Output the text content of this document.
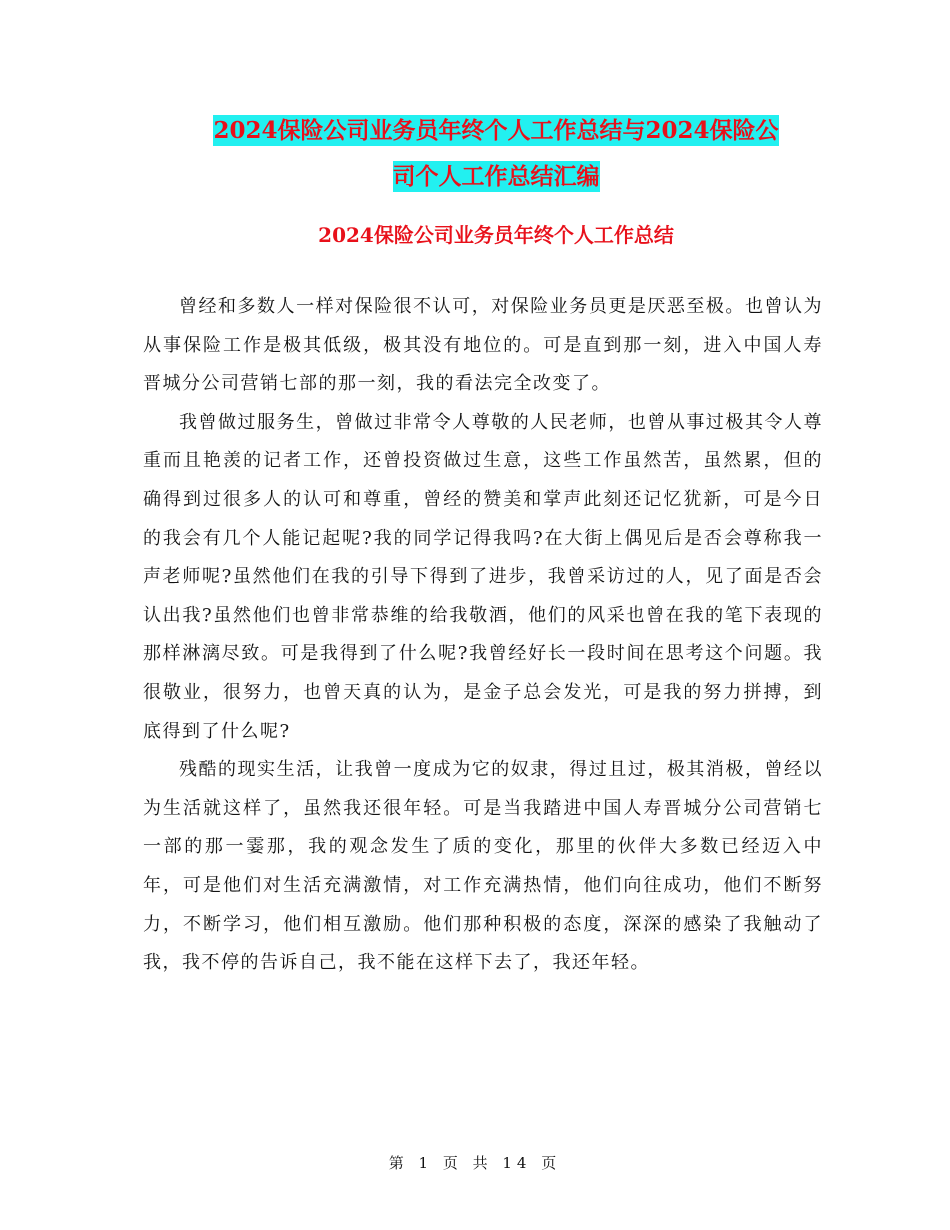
2024保险公司业务员年终个人工作总结与2024保险公
司个人工作总结汇编
2024保险公司业务员年终个人工作总结

曾经和多数人一样对保险很不认可，对保险业务员更是厌恶至极。也曾认为从事保险工作是极其低级，极其没有地位的。可是直到那一刻，进入中国人寿晋城分公司营销七部的那一刻，我的看法完全改变了。

我曾做过服务生，曾做过非常令人尊敬的人民老师，也曾从事过极其令人尊重而且艳羡的记者工作，还曾投资做过生意，这些工作虽然苦，虽然累，但的确得到过很多人的认可和尊重，曾经的赞美和掌声此刻还记忆犹新，可是今日的我会有几个人能记起呢?我的同学记得我吗?在大街上偶见后是否会尊称我一声老师呢?虽然他们在我的引导下得到了进步，我曾采访过的人，见了面是否会认出我?虽然他们也曾非常恭维的给我敬酒，他们的风采也曾在我的笔下表现的那样淋漓尽致。可是我得到了什么呢?我曾经好长一段时间在思考这个问题。我很敬业，很努力，也曾天真的认为，是金子总会发光，可是我的努力拼搏，到底得到了什么呢?

残酷的现实生活，让我曾一度成为它的奴隶，得过且过，极其消极，曾经以为生活就这样了，虽然我还很年轻。可是当我踏进中国人寿晋城分公司营销七一部的那一霎那，我的观念发生了质的变化，那里的伙伴大多数已经迈入中年，可是他们对生活充满激情，对工作充满热情，他们向往成功，他们不断努力，不断学习，他们相互激励。他们那种积极的态度，深深的感染了我触动了我，我不停的告诉自己，我不能在这样下去了，我还年轻。

第 1 页 共 14 页
